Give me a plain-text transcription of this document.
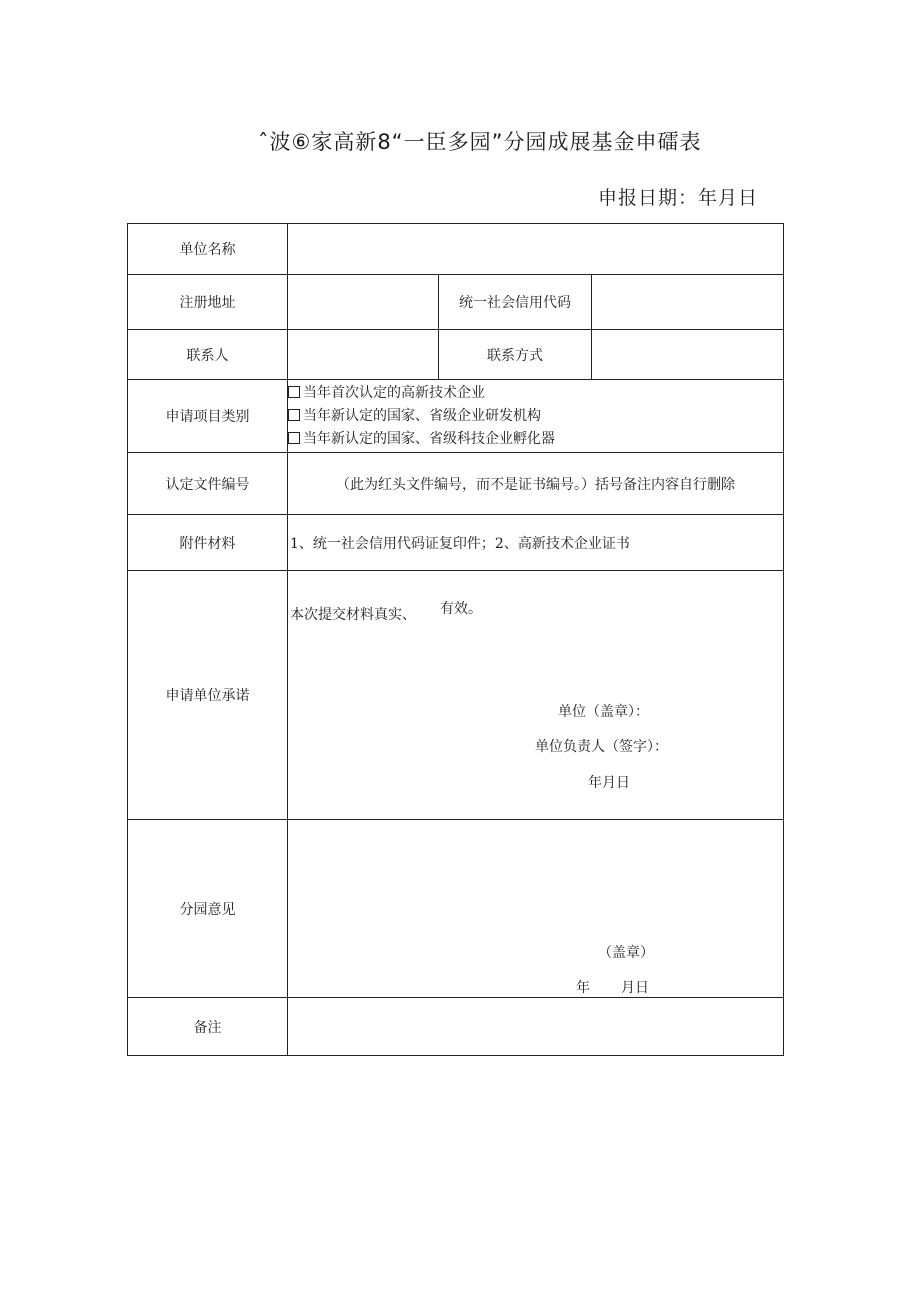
ˆ波⑥家高新8“一臣多园”分园成展基金申礌表
申报日期：年月日
单位名称			
注册地址		统一社会信用代码	
联系人		联系方式	
申请项目类别	当年首次认定的高新技术企业
当年新认定的国家、省级企业研发机构
当年新认定的国家、省级科技企业孵化器		

认定文件编号	（此为红头文件编号，而不是证书编号。）括号备注内容自行删除		
附件材料	1、统一社会信用代码证复印件；2、高新技术企业证书		
申请单位承诺	本次提交材料真实、 有效。
单位（盖章）：
单位负责人（签字）：
年月日		

分园意见	（盖章）
年 月日		

备注			
